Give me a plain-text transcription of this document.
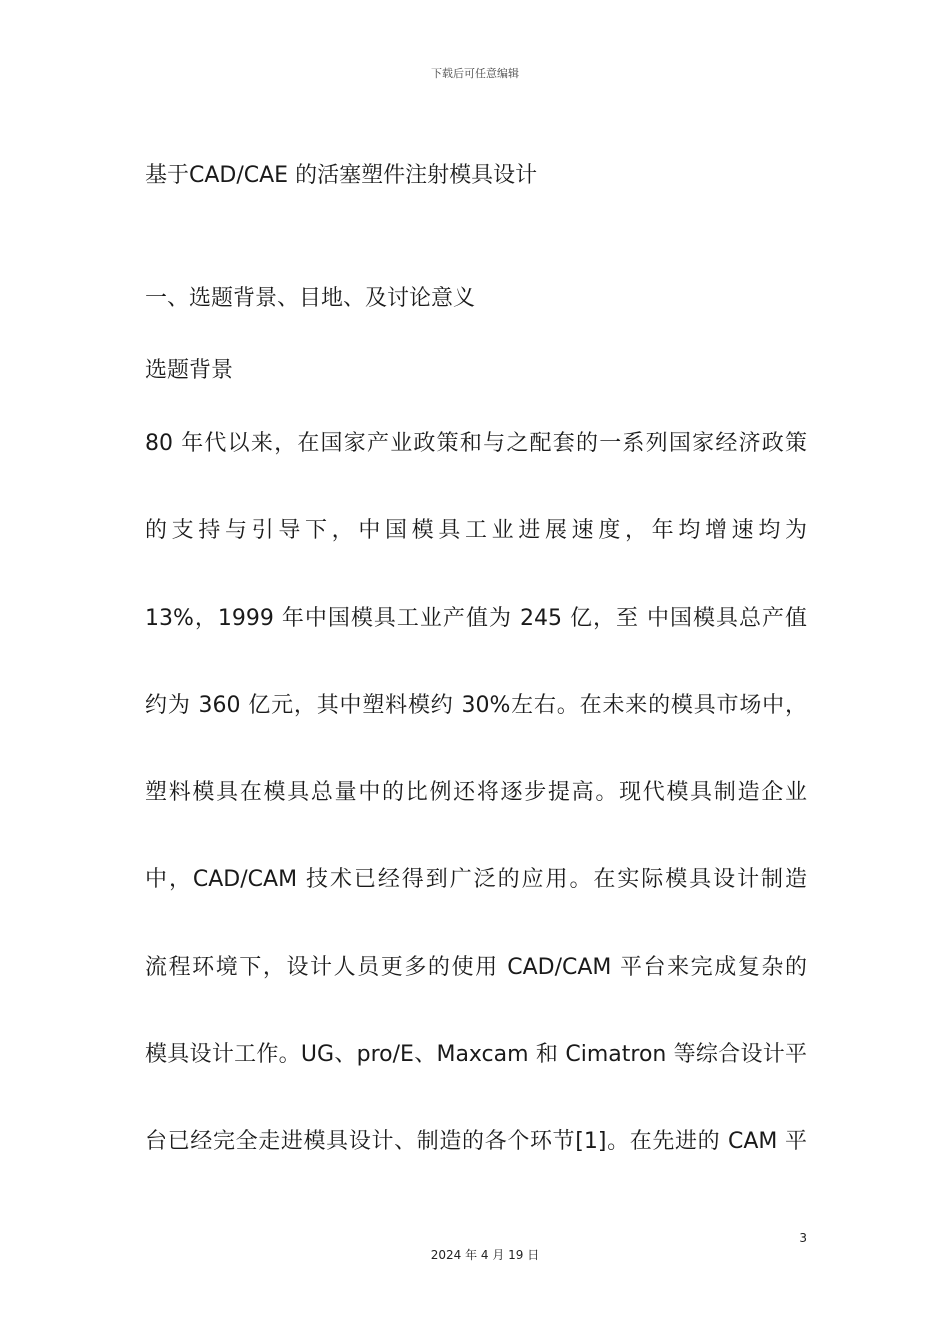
下载后可任意编辑
基于CAD/CAE 的活塞塑件注射模具设计
一、选题背景、目地、及讨论意义
选题背景
80 年代以来，在国家产业政策和与之配套的一系列国家经济政策
的支持与引导下，中国模具工业进展速度，年均增速均为
13%，1999 年中国模具工业产值为 245 亿，至 中国模具总产值
约为 360 亿元，其中塑料模约 30%左右。在未来的模具市场中，
塑料模具在模具总量中的比例还将逐步提高。现代模具制造企业
中，CAD/CAM 技术已经得到广泛的应用。在实际模具设计制造
流程环境下，设计人员更多的使用 CAD/CAM 平台来完成复杂的
模具设计工作。UG、pro/E、Maxcam 和 Cimatron 等综合设计平
台已经完全走进模具设计、制造的各个环节[1]。在先进的 CAM 平
3
2024 年 4 月 19 日
